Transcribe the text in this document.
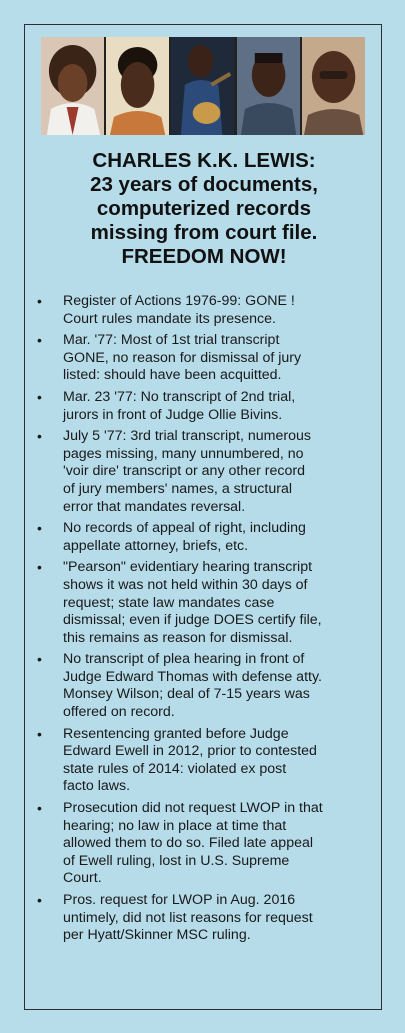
CHARLES K.K. LEWIS:
23 years of documents,
computerized records
missing from court file.
FREEDOM NOW!
• Register of Actions 1976-99: GONE !
Court rules mandate its presence.
• Mar. '77: Most of 1st trial transcript
GONE, no reason for dismissal of jury
listed: should have been acquitted.
• Mar. 23 '77: No transcript of 2nd trial,
jurors in front of Judge Ollie Bivins.
• July 5 '77: 3rd trial transcript, numerous
pages missing, many unnumbered, no
'voir dire' transcript or any other record
of jury members' names, a structural
error that mandates reversal.
• No records of appeal of right, including
appellate attorney, briefs, etc.
• "Pearson" evidentiary hearing transcript
shows it was not held within 30 days of
request; state law mandates case
dismissal; even if judge DOES certify file,
this remains as reason for dismissal.
• No transcript of plea hearing in front of
Judge Edward Thomas with defense atty.
Monsey Wilson; deal of 7-15 years was
offered on record.
• Resentencing granted before Judge
Edward Ewell in 2012, prior to contested
state rules of 2014: violated ex post
facto laws.
• Prosecution did not request LWOP in that
hearing; no law in place at time that
allowed them to do so. Filed late appeal
of Ewell ruling, lost in U.S. Supreme
Court.
• Pros. request for LWOP in Aug. 2016
untimely, did not list reasons for request
per Hyatt/Skinner MSC ruling.
